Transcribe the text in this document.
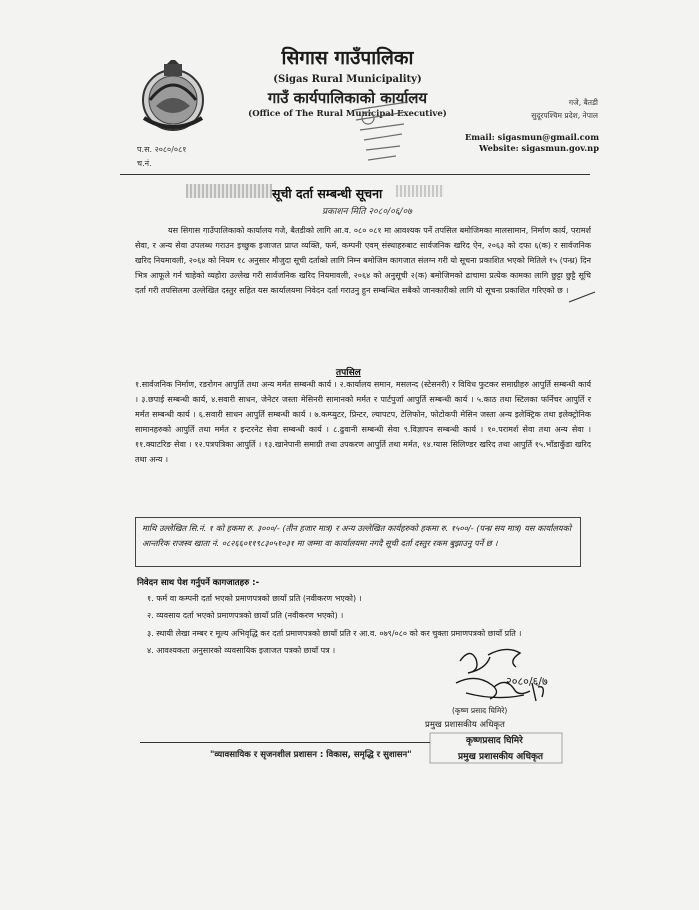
सिगास गाउँपालिका
(Sigas Rural Municipality)
गाउँ कार्यपालिकाको कार्यालय
(Office of The Rural Municipal Executive)
गजे, बैतडी
सुदूरपश्चिम प्रदेश, नेपाल
Email: sigasmun@gmail.com
Website: sigasmun.gov.np
प.स. २०८०/०८१
च.नं.
सूची दर्ता सम्बन्धी सूचना
प्रकाशन मिति २०८०/०६/०७
यस सिगास गाउँपालिकाको कार्यालय गजे, बैतडीको लागि आ.व. ०८० ०८१ मा आवश्यक पर्ने तपसिल बमोजिमका मालसामान, निर्माण कार्य, परामर्श सेवा, र अन्य सेवा उपलब्ध गराउन इच्छुक इजाजत प्राप्त व्यक्ति, फर्म, कम्पनी एवम् संस्थाहरुबाट सार्वजनिक खरिद ऐन, २०६३ को दफा ६(क) र सार्वजनिक खरिद नियमावली, २०६४ को नियम १८ अनुसार मौजुदा सूची दर्ताको लागि निम्न बमोजिम कागजात संलग्न गरी यो सूचना प्रकाशित भएको मितिले १५ (पन्ध्र) दिन भित्र आफूले गर्न चाहेको व्यहोरा उल्लेख गरी सार्वजनिक खरिद नियमावली, २०६४ को अनुसूची २(क) बमोजिमको ढाचामा प्रत्येक कामका लागि छुट्टा छुट्टै सूचि दर्ता गरी तपसिलमा उल्लेखित दस्तुर सहित यस कार्यालयमा निवेदन दर्ता गराउनु हुन सम्बन्धित सबैको जानकारीको लागि यो सूचना प्रकाशित गरिएको छ ।
तपसिल
१.सार्वजनिक निर्माण, रङरोगन आपुर्ति तथा अन्य मर्मत सम्बन्धी कार्य । २.कार्यालय समान, मसलन्द (स्टेसनरी) र विविध फुटकर समाग्रीहरु आपुर्ति सम्बन्धी कार्य । ३.छपाई सम्बन्धी कार्य, ४.सवारी साधन, जेनेटर जस्ता मेसिनरी सामानको मर्मत र पार्टपुर्जा आपुर्ति सम्बन्धी कार्य । ५.काठ तथा स्टिलका फर्निचर आपुर्ति र मर्मत सम्बन्धी कार्य । ६.सवारी साधन आपुर्ति सम्बन्धी कार्य । ७.कम्प्युटर, प्रिन्टर, ल्यापटप, टेलिफोन, फोटोकपी मेसिन जस्ता अन्य इलेक्ट्रिक तथा इलेक्ट्रोनिक सामानहरुको आपुर्ति तथा मर्मत र इन्टरनेट सेवा सम्बन्धी कार्य । ८.ढुवानी सम्बन्धी सेवा ९.विज्ञापन सम्बन्धी कार्य । १०.परामर्श सेवा तथा अन्य सेवा । ११.क्याटरिङ सेवा । १२.पत्रपत्रिका आपुर्ति । १३.खानेपानी समाग्री तथा उपकरण आपुर्ति तथा मर्मत, १४.ग्यास सिलिण्डर खरिद तथा आपुर्ति १५.भाँडाकुँडा खरिद तथा अन्य ।
माथि उल्लेखित सि.नं. १ को हकमा रु. ३०००/- (तीन हजार मात्र) र अन्य उल्लेखित कार्यहरुको हकमा रु. १५००/- (पन्ध्र सय मात्र) यस कार्यालयको आन्तरिक राजस्व खाता नं. ०८२६६०११९८३०५१०३१ मा जम्मा वा कार्यालयमा नगदै सूची दर्ता दस्तुर रकम बुझाउनु पर्ने छ ।
निवेदन साथ पेश गर्नुपर्ने कागजातहरु :-
१. फर्म वा कम्पनी दर्ता भएको प्रमाणपत्रको छायाँ प्रति (नवीकरण भएको) ।
२. व्यवसाय दर्ता भएको प्रमाणपत्रको छायाँ प्रति (नवीकरण भएको) ।
३. स्थायी लेखा नम्बर र मूल्य अभिवृद्धि कर दर्ता प्रमाणपत्रको छायाँ प्रति र आ.व. ०७९/०८० को कर चुक्ता प्रमाणपत्रको छायाँ प्रति ।
४. आवश्यकता अनुसारको व्यवसायिक इजाजत पत्रको छायाँ पत्र ।
२०८०/६/७
(कृष्ण प्रसाद घिमिरे)
प्रमुख प्रशासकीय अधिकृत
कृष्णप्रसाद घिमिरे
प्रमुख प्रशासकीय अधिकृत
"व्यावसायिक र सृजनशील प्रशासन : विकास, समृद्धि र सुशासन"
